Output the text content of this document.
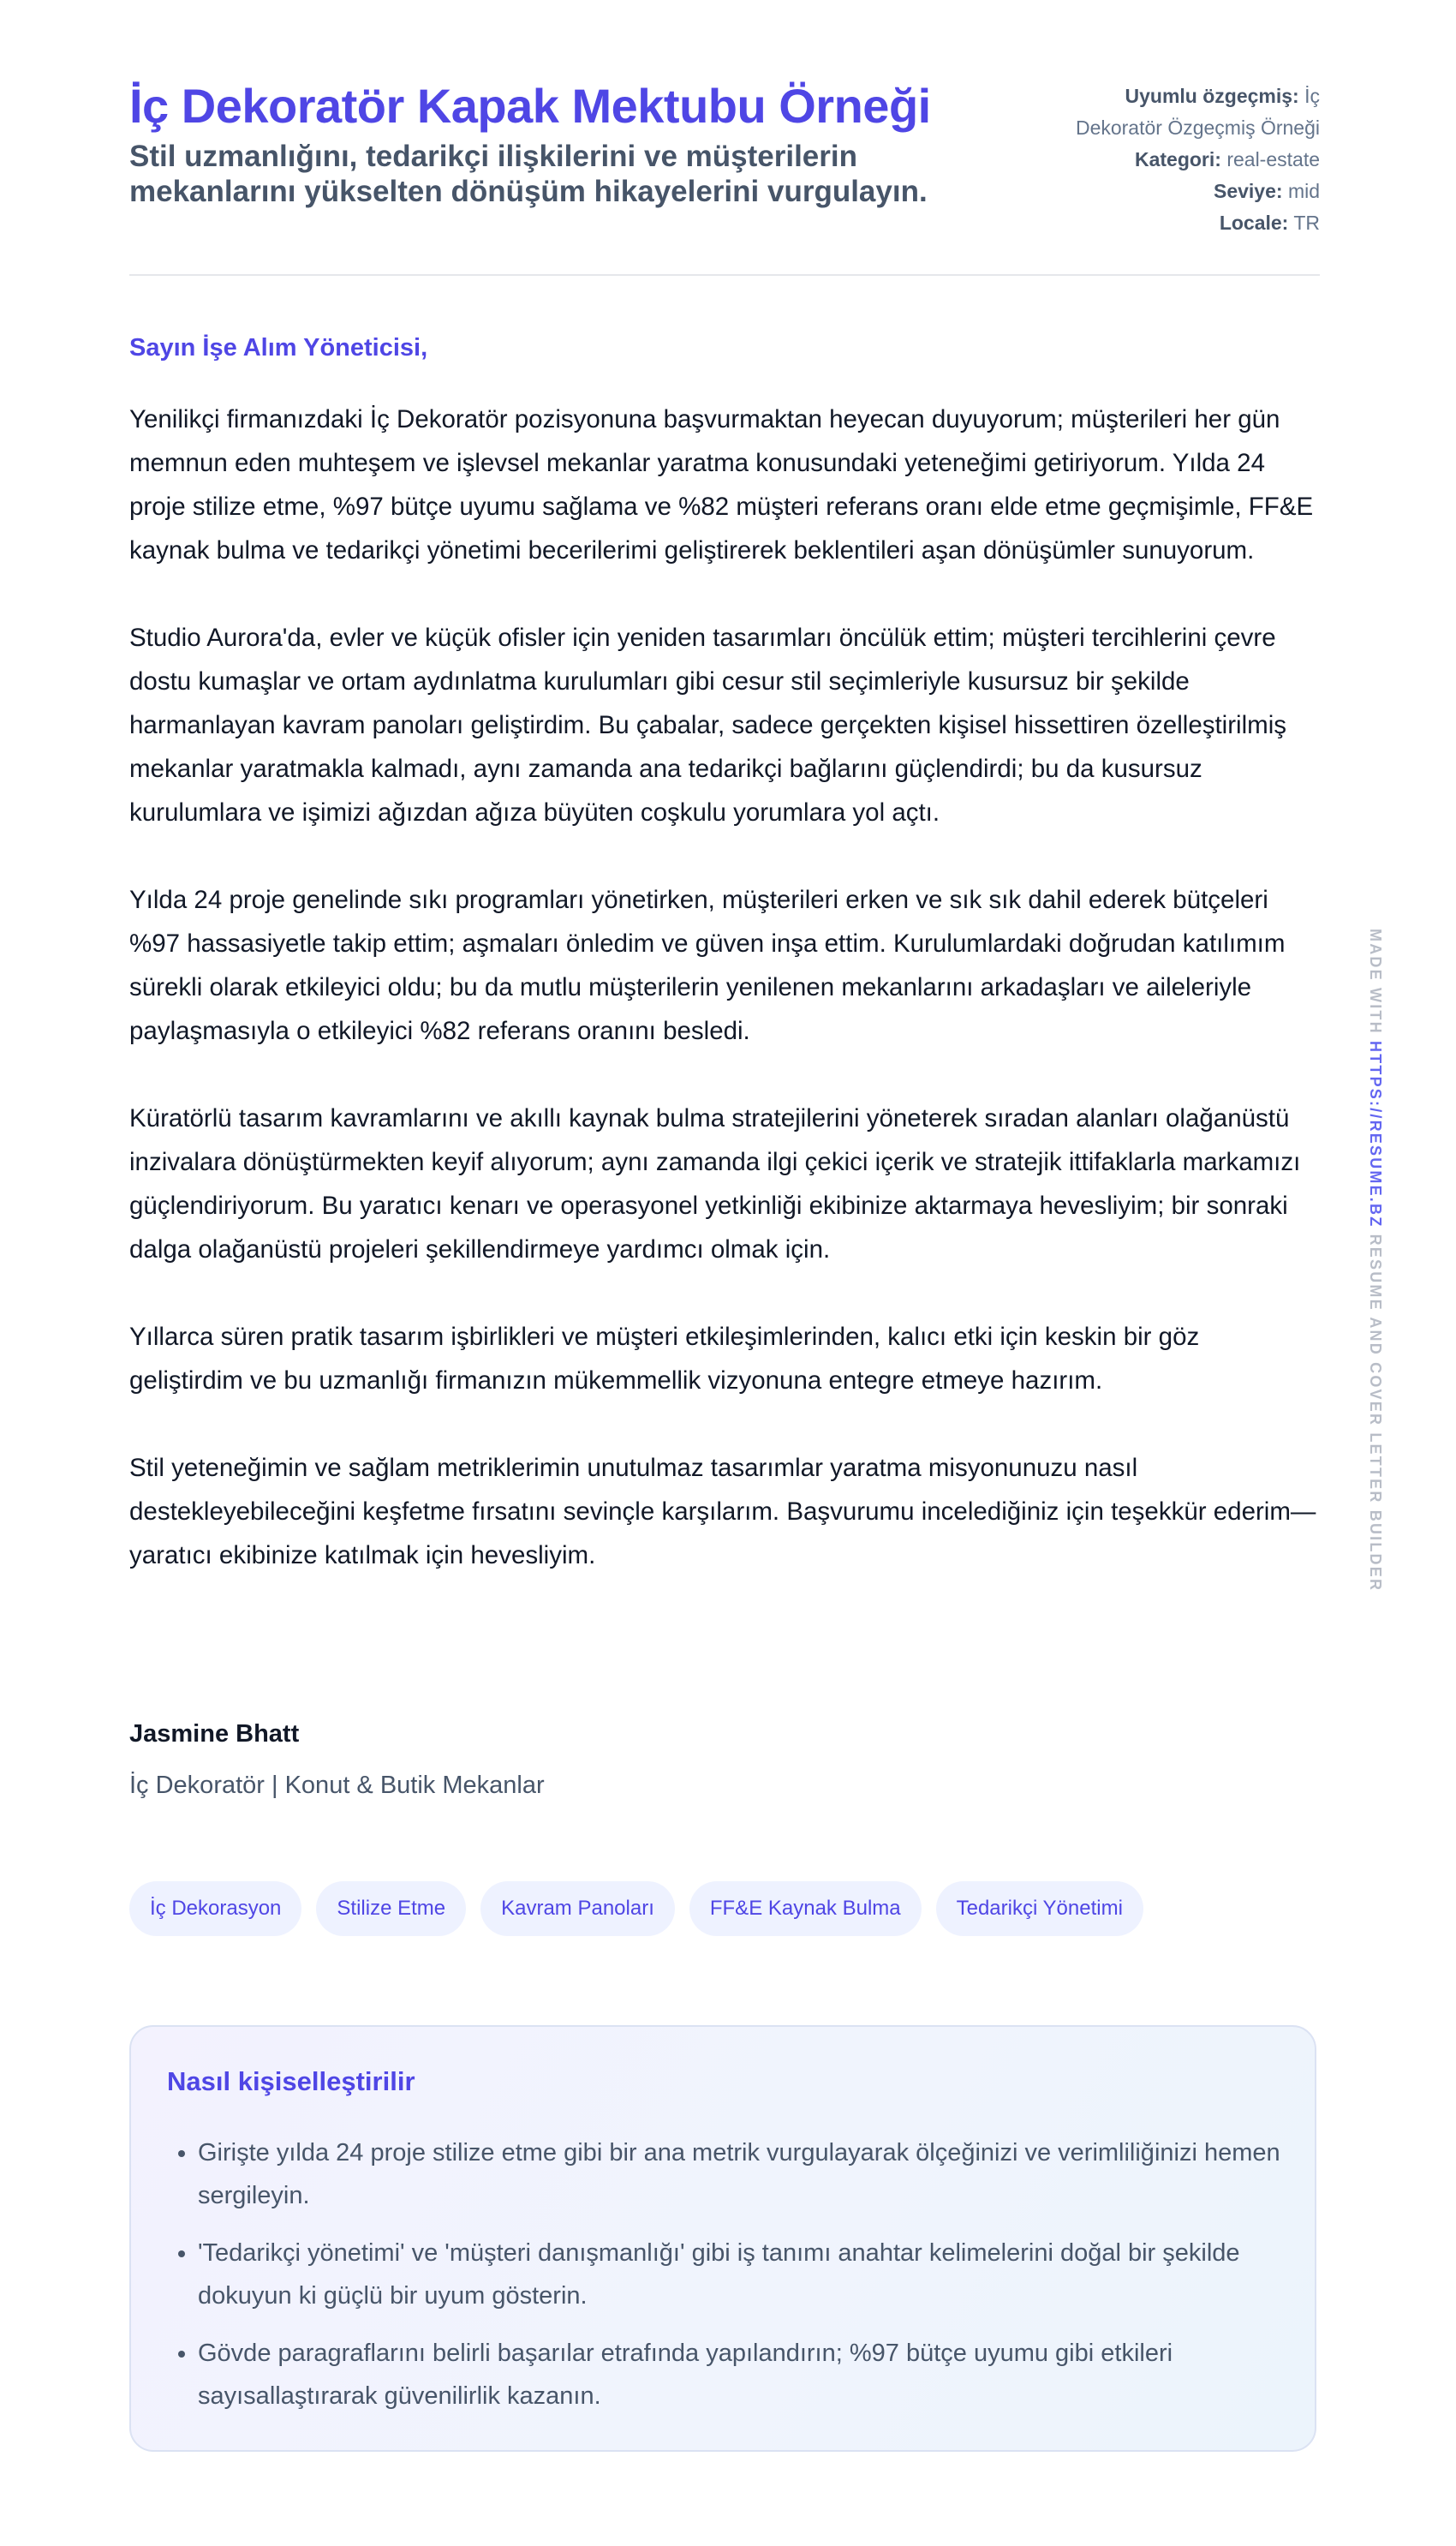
İç Dekoratör Kapak Mektubu Örneği
Stil uzmanlığını, tedarikçi ilişkilerini ve müşterilerin mekanlarını yükselten dönüşüm hikayelerini vurgulayın.
Uyumlu özgeçmiş: İç
Dekoratör Özgeçmiş Örneği
Kategori: real-estate
Seviye: mid
Locale: TR

Sayın İşe Alım Yöneticisi,

Yenilikçi firmanızdaki İç Dekoratör pozisyonuna başvurmaktan heyecan duyuyorum; müşterileri her gün memnun eden muhteşem ve işlevsel mekanlar yaratma konusundaki yeteneğimi getiriyorum. Yılda 24 proje stilize etme, %97 bütçe uyumu sağlama ve %82 müşteri referans oranı elde etme geçmişimle, FF&E kaynak bulma ve tedarikçi yönetimi becerilerimi geliştirerek beklentileri aşan dönüşümler sunuyorum.

Studio Aurora'da, evler ve küçük ofisler için yeniden tasarımları öncülük ettim; müşteri tercihlerini çevre dostu kumaşlar ve ortam aydınlatma kurulumları gibi cesur stil seçimleriyle kusursuz bir şekilde harmanlayan kavram panoları geliştirdim. Bu çabalar, sadece gerçekten kişisel hissettiren özelleştirilmiş mekanlar yaratmakla kalmadı, aynı zamanda ana tedarikçi bağlarını güçlendirdi; bu da kusursuz kurulumlara ve işimizi ağızdan ağıza büyüten coşkulu yorumlara yol açtı.

Yılda 24 proje genelinde sıkı programları yönetirken, müşterileri erken ve sık sık dahil ederek bütçeleri %97 hassasiyetle takip ettim; aşmaları önledim ve güven inşa ettim. Kurulumlardaki doğrudan katılımım sürekli olarak etkileyici oldu; bu da mutlu müşterilerin yenilenen mekanlarını arkadaşları ve aileleriyle paylaşmasıyla o etkileyici %82 referans oranını besledi.

Küratörlü tasarım kavramlarını ve akıllı kaynak bulma stratejilerini yöneterek sıradan alanları olağanüstü inzivalara dönüştürmekten keyif alıyorum; aynı zamanda ilgi çekici içerik ve stratejik ittifaklarla markamızı güçlendiriyorum. Bu yaratıcı kenarı ve operasyonel yetkinliği ekibinize aktarmaya hevesliyim; bir sonraki dalga olağanüstü projeleri şekillendirmeye yardımcı olmak için.

Yıllarca süren pratik tasarım işbirlikleri ve müşteri etkileşimlerinden, kalıcı etki için keskin bir göz geliştirdim ve bu uzmanlığı firmanızın mükemmellik vizyonuna entegre etmeye hazırım.

Stil yeteneğimin ve sağlam metriklerimin unutulmaz tasarımlar yaratma misyonunuzu nasıl destekleyebileceğini keşfetme fırsatını sevinçle karşılarım. Başvurumu incelediğiniz için teşekkür ederim—yaratıcı ekibinize katılmak için hevesliyim.

Jasmine Bhatt

İç Dekoratör | Konut & Butik Mekanlar

İç Dekorasyon	Stilize Etme	Kavram Panoları	FF&E Kaynak Bulma	Tedarikçi Yönetimi
Nasıl kişiselleştirilir
• Girişte yılda 24 proje stilize etme gibi bir ana metrik vurgulayarak ölçeğinizi ve verimliliğinizi hemen sergileyin.
• 'Tedarikçi yönetimi' ve 'müşteri danışmanlığı' gibi iş tanımı anahtar kelimelerini doğal bir şekilde dokuyun ki güçlü bir uyum gösterin.
• Gövde paragraflarını belirli başarılar etrafında yapılandırın; %97 bütçe uyumu gibi etkileri sayısallaştırarak güvenilirlik kazanın.
MADE WITH HTTPS://RESUME.BZ RESUME AND COVER LETTER BUILDER
